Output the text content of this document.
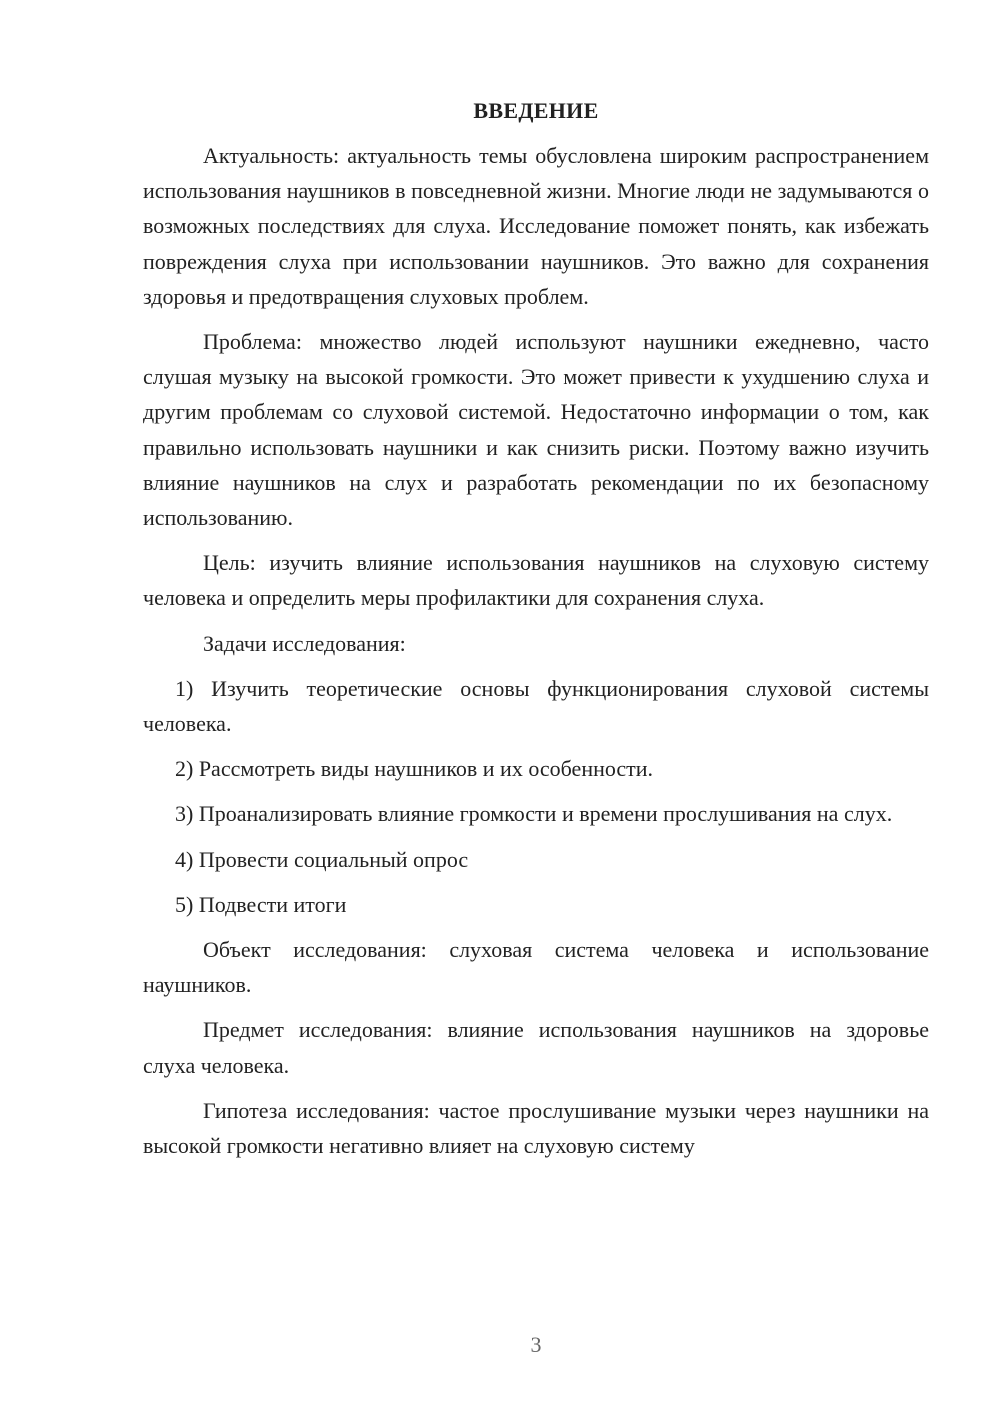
ВВЕДЕНИЕ

Актуальность: актуальность темы обусловлена широким распространением использования наушников в повседневной жизни. Многие люди не задумываются о возможных последствиях для слуха. Исследование поможет понять, как избежать повреждения слуха при использовании наушников. Это важно для сохранения здоровья и предотвращения слуховых проблем.

Проблема: множество людей используют наушники ежедневно, часто слушая музыку на высокой громкости. Это может привести к ухудшению слуха и другим проблемам со слуховой системой. Недостаточно информации о том, как правильно использовать наушники и как снизить риски. Поэтому важно изучить влияние наушников на слух и разработать рекомендации по их безопасному использованию.

Цель: изучить влияние использования наушников на слуховую систему человека и определить меры профилактики для сохранения слуха.

Задачи исследования:

1) Изучить теоретические основы функционирования слуховой системы человека.

2) Рассмотреть виды наушников и их особенности.

3) Проанализировать влияние громкости и времени прослушивания на слух.

4) Провести социальный опрос

5) Подвести итоги

Объект исследования: слуховая система человека и использование наушников.

Предмет исследования: влияние использования наушников на здоровье слуха человека.

Гипотеза исследования: частое прослушивание музыки через наушники на высокой громкости негативно влияет на слуховую систему

3
